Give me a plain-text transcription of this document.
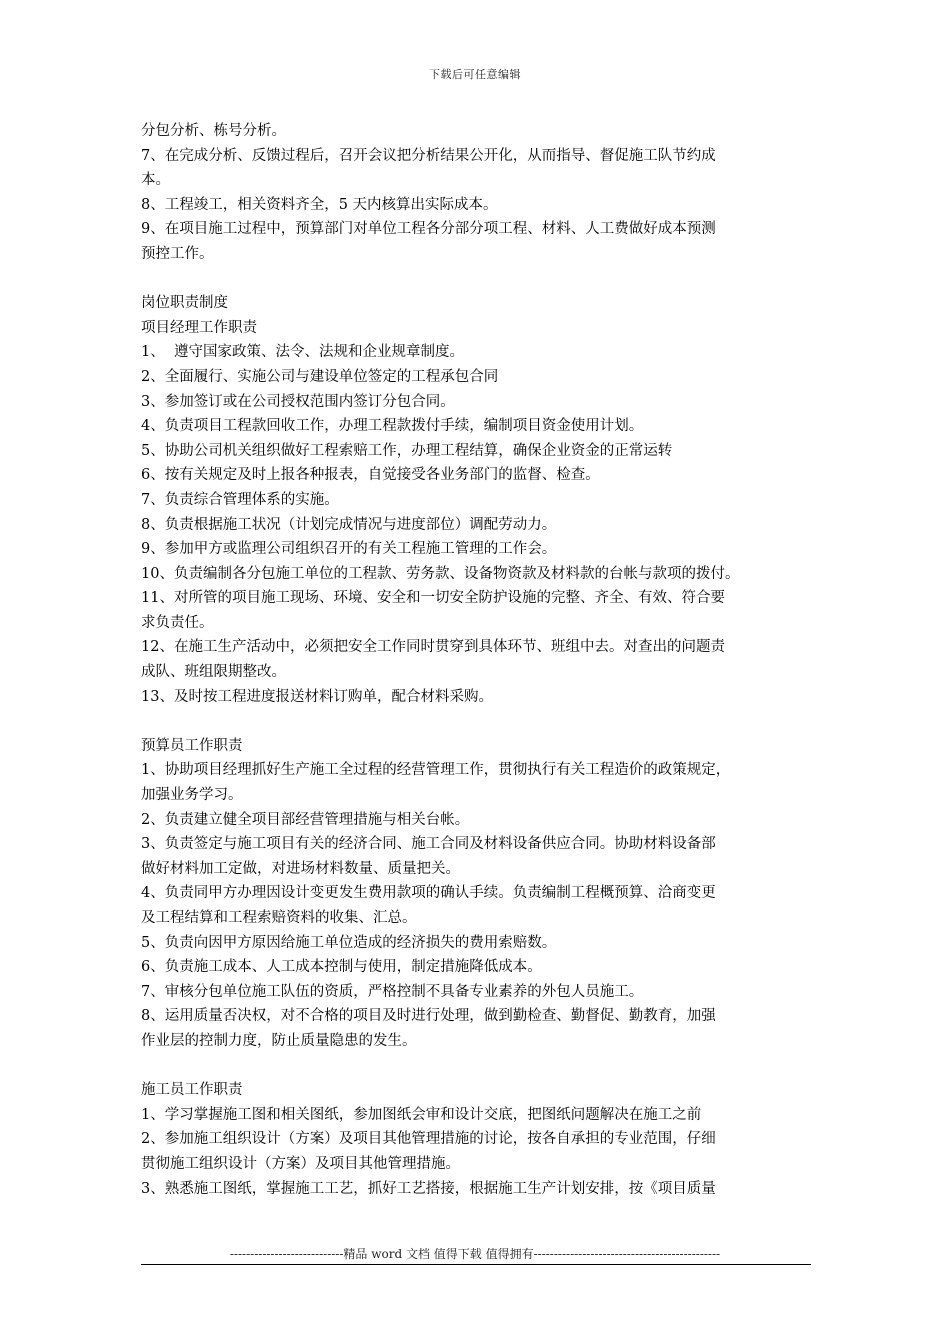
下载后可任意编辑
分包分析、栋号分析。
7、在完成分析、反馈过程后，召开会议把分析结果公开化，从而指导、督促施工队节约成
本。
8、工程竣工，相关资料齐全，5 天内核算出实际成本。
9、在项目施工过程中，预算部门对单位工程各分部分项工程、材料、人工费做好成本预测
预控工作。
岗位职责制度
项目经理工作职责
1、  遵守国家政策、法令、法规和企业规章制度。
2、全面履行、实施公司与建设单位签定的工程承包合同
3、参加签订或在公司授权范围内签订分包合同。
4、负责项目工程款回收工作，办理工程款拨付手续，编制项目资金使用计划。
5、协助公司机关组织做好工程索赔工作，办理工程结算，确保企业资金的正常运转
6、按有关规定及时上报各种报表，自觉接受各业务部门的监督、检查。
7、负责综合管理体系的实施。
8、负责根据施工状况（计划完成情况与进度部位）调配劳动力。
9、参加甲方或监理公司组织召开的有关工程施工管理的工作会。
10、负责编制各分包施工单位的工程款、劳务款、设备物资款及材料款的台帐与款项的拨付。
11、对所管的项目施工现场、环境、安全和一切安全防护设施的完整、齐全、有效、符合要
求负责任。
12、在施工生产活动中，必须把安全工作同时贯穿到具体环节、班组中去。对查出的问题责
成队、班组限期整改。
13、及时按工程进度报送材料订购单，配合材料采购。
预算员工作职责
1、协助项目经理抓好生产施工全过程的经营管理工作，贯彻执行有关工程造价的政策规定，
加强业务学习。
2、负责建立健全项目部经营管理措施与相关台帐。
3、负责签定与施工项目有关的经济合同、施工合同及材料设备供应合同。协助材料设备部
做好材料加工定做，对进场材料数量、质量把关。
4、负责同甲方办理因设计变更发生费用款项的确认手续。负责编制工程概预算、洽商变更
及工程结算和工程索赔资料的收集、汇总。
5、负责向因甲方原因给施工单位造成的经济损失的费用索赔数。
6、负责施工成本、人工成本控制与使用，制定措施降低成本。
7、审核分包单位施工队伍的资质，严格控制不具备专业素养的外包人员施工。
8、运用质量否决权，对不合格的项目及时进行处理，做到勤检查、勤督促、勤教育，加强
作业层的控制力度，防止质量隐患的发生。
施工员工作职责
1、学习掌握施工图和相关图纸，参加图纸会审和设计交底，把图纸问题解决在施工之前
2、参加施工组织设计（方案）及项目其他管理措施的讨论，按各自承担的专业范围，仔细
贯彻施工组织设计（方案）及项目其他管理措施。
3、熟悉施工图纸，掌握施工工艺，抓好工艺搭接，根据施工生产计划安排，按《项目质量
----------------------------精品 word 文档 值得下载 值得拥有----------------------------------------------
